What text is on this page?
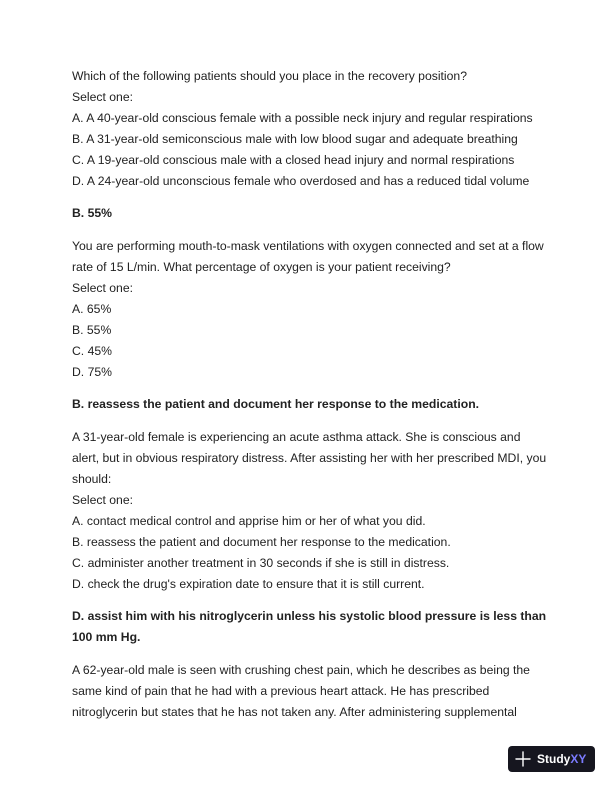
Which of the following patients should you place in the recovery position?

Select one:

A. A 40-year-old conscious female with a possible neck injury and regular respirations

B. A 31-year-old semiconscious male with low blood sugar and adequate breathing

C. A 19-year-old conscious male with a closed head injury and normal respirations

D. A 24-year-old unconscious female who overdosed and has a reduced tidal volume

B. 55%

You are performing mouth-to-mask ventilations with oxygen connected and set at a flow

rate of 15 L/min. What percentage of oxygen is your patient receiving?

Select one:

A. 65%

B. 55%

C. 45%

D. 75%

B. reassess the patient and document her response to the medication.

A 31-year-old female is experiencing an acute asthma attack. She is conscious and

alert, but in obvious respiratory distress. After assisting her with her prescribed MDI, you

should:

Select one:

A. contact medical control and apprise him or her of what you did.

B. reassess the patient and document her response to the medication.

C. administer another treatment in 30 seconds if she is still in distress.

D. check the drug's expiration date to ensure that it is still current.

D. assist him with his nitroglycerin unless his systolic blood pressure is less than

100 mm Hg.

A 62-year-old male is seen with crushing chest pain, which he describes as being the

same kind of pain that he had with a previous heart attack. He has prescribed

nitroglycerin but states that he has not taken any. After administering supplemental

Study XY
